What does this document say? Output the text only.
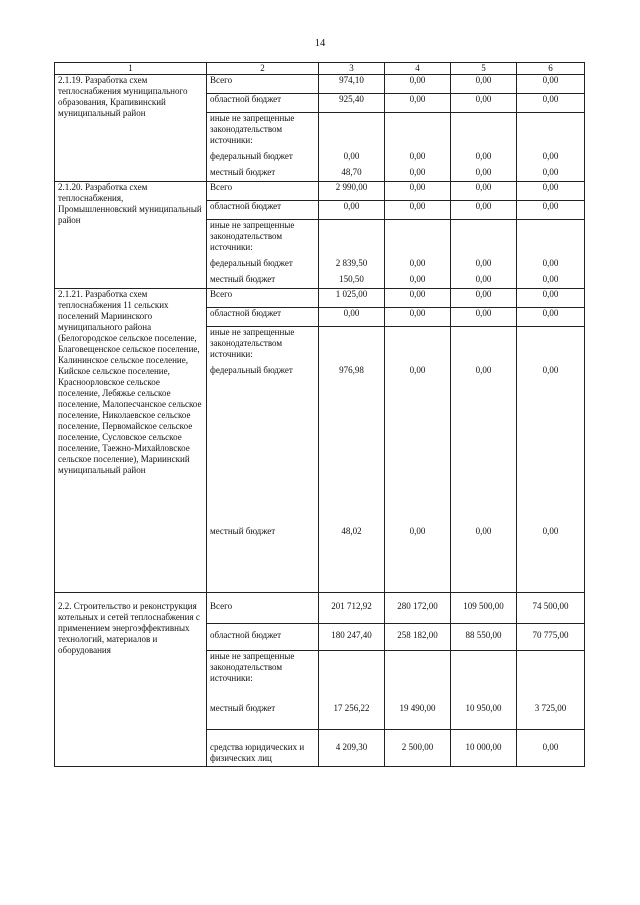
14
1	2	3	4	5	6
2.1.19. Разработка схем теплоснабжения муниципального образования, Крапивинский муниципальный район	Всего	974,10	0,00	0,00	0,00
	областной бюджет	925,40	0,00	0,00	0,00
	иные не запрещенные законодательством источники:				
	федеральный бюджет	0,00	0,00	0,00	0,00
	местный бюджет	48,70	0,00	0,00	0,00
2.1.20. Разработка схем теплоснабжения, Промышленновский муниципальный район	Всего	2 990,00	0,00	0,00	0,00
	областной бюджет	0,00	0,00	0,00	0,00
	иные не запрещенные законодательством источники:				
	федеральный бюджет	2 839,50	0,00	0,00	0,00
	местный бюджет	150,50	0,00	0,00	0,00
2.1.21. Разработка схем теплоснабжения 11 сельских поселений Мариинского муниципального района (Белогородское сельское поселение, Благовещенское сельское поселение, Калининское сельское поселение, Кийское сельское поселение, Красноорловское сельское поселение, Лебяжье сельское поселение, Малопесчанское сельское поселение, Николаевское сельское поселение, Первомайское сельское поселение, Сусловское сельское поселение, Таежно-Михайловское сельское поселение), Мариинский муниципальный район	Всего	1 025,00	0,00	0,00	0,00
	областной бюджет	0,00	0,00	0,00	0,00
	иные не запрещенные законодательством источники:				
	федеральный бюджет	976,98	0,00	0,00	0,00
	местный бюджет	48,02	0,00	0,00	0,00
2.2. Строительство и реконструкция котельных и сетей теплоснабжения с применением энергоэффективных технологий, материалов и оборудования	Всего	201 712,92	280 172,00	109 500,00	74 500,00
	областной бюджет	180 247,40	258 182,00	88 550,00	70 775,00
	иные не запрещенные законодательством источники:				
	местный бюджет	17 256,22	19 490,00	10 950,00	3 725,00
	средства юридических и физических лиц	4 209,30	2 500,00	10 000,00	0,00
